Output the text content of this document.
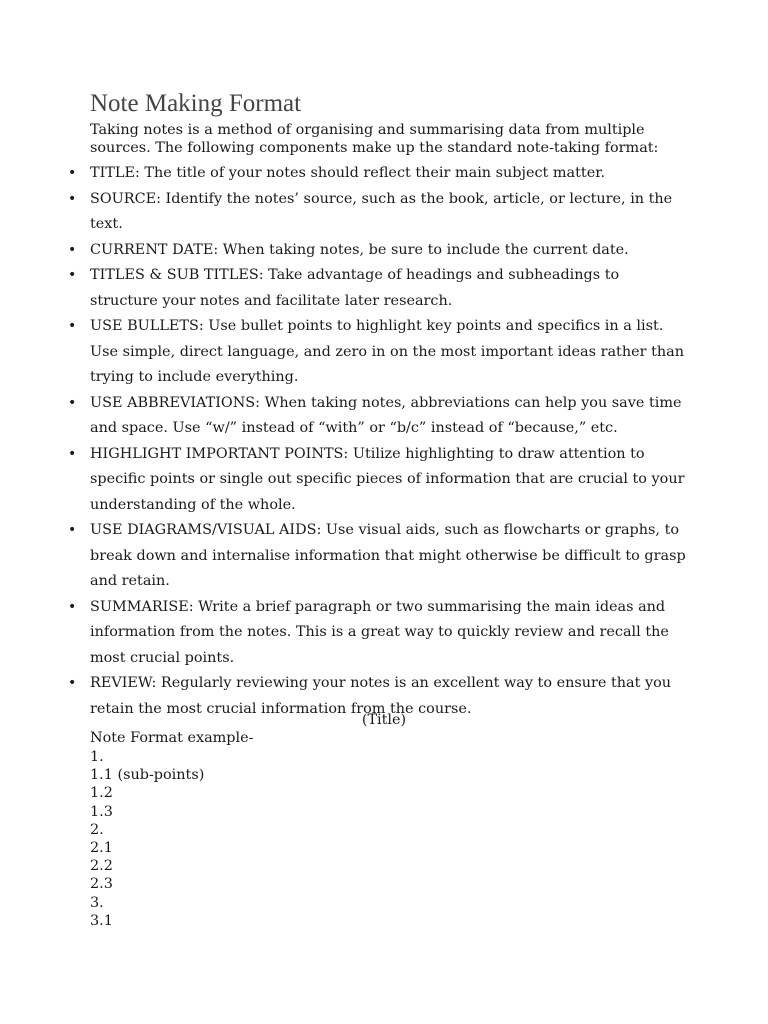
Note Making Format

Taking notes is a method of organising and summarising data from multiple sources. The following components make up the standard note-taking format:

• TITLE: The title of your notes should reflect their main subject matter.
• SOURCE: Identify the notes’ source, such as the book, article, or lecture, in the text.
• CURRENT DATE: When taking notes, be sure to include the current date.
• TITLES & SUB TITLES: Take advantage of headings and subheadings to structure your notes and facilitate later research.
• USE BULLETS: Use bullet points to highlight key points and specifics in a list. Use simple, direct language, and zero in on the most important ideas rather than trying to include everything.
• USE ABBREVIATIONS: When taking notes, abbreviations can help you save time and space. Use “w/” instead of “with” or “b/c” instead of “because,” etc.
• HIGHLIGHT IMPORTANT POINTS: Utilize highlighting to draw attention to specific points or single out specific pieces of information that are crucial to your understanding of the whole.
• USE DIAGRAMS/VISUAL AIDS: Use visual aids, such as flowcharts or graphs, to break down and internalise information that might otherwise be difficult to grasp and retain.
• SUMMARISE: Write a brief paragraph or two summarising the main ideas and information from the notes. This is a great way to quickly review and recall the most crucial points.
• REVIEW: Regularly reviewing your notes is an excellent way to ensure that you retain the most crucial information from the course.
(Title)
Note Format example-
1.
1.1 (sub-points)
1.2
1.3
2.
2.1
2.2
2.3
3.
3.1
